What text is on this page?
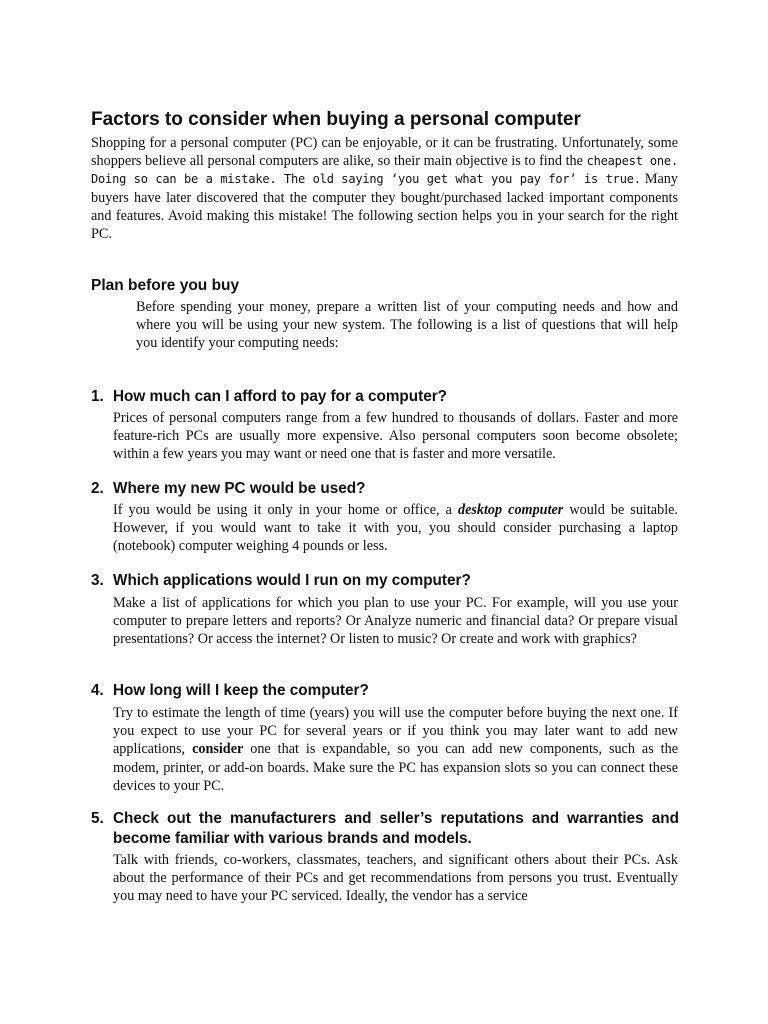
Factors to consider when buying a personal computer

Shopping for a personal computer (PC) can be enjoyable, or it can be frustrating. Unfortunately, some shoppers believe all personal computers are alike, so their main objective is to find the cheapest one. Doing so can be a mistake. The old saying ‘you get what you pay for’ is true. Many buyers have later discovered that the computer they bought/purchased lacked important components and features. Avoid making this mistake! The following section helps you in your search for the right PC.

Plan before you buy

Before spending your money, prepare a written list of your computing needs and how and where you will be using your new system. The following is a list of questions that will help you identify your computing needs:

1. How much can I afford to pay for a computer?

Prices of personal computers range from a few hundred to thousands of dollars. Faster and more feature-rich PCs are usually more expensive. Also personal computers soon become obsolete; within a few years you may want or need one that is faster and more versatile.

2. Where my new PC would be used?

If you would be using it only in your home or office, a desktop computer would be suitable. However, if you would want to take it with you, you should consider purchasing a laptop (notebook) computer weighing 4 pounds or less.

3. Which applications would I run on my computer?

Make a list of applications for which you plan to use your PC. For example, will you use your computer to prepare letters and reports? Or Analyze numeric and financial data? Or prepare visual presentations? Or access the internet? Or listen to music? Or create and work with graphics?

4. How long will I keep the computer?

Try to estimate the length of time (years) you will use the computer before buying the next one. If you expect to use your PC for several years or if you think you may later want to add new applications, consider one that is expandable, so you can add new components, such as the modem, printer, or add-on boards. Make sure the PC has expansion slots so you can connect these devices to your PC.

5. Check out the manufacturers and seller’s reputations and warranties and become familiar with various brands and models.

Talk with friends, co-workers, classmates, teachers, and significant others about their PCs. Ask about the performance of their PCs and get recommendations from persons you trust. Eventually you may need to have your PC serviced. Ideally, the vendor has a service
